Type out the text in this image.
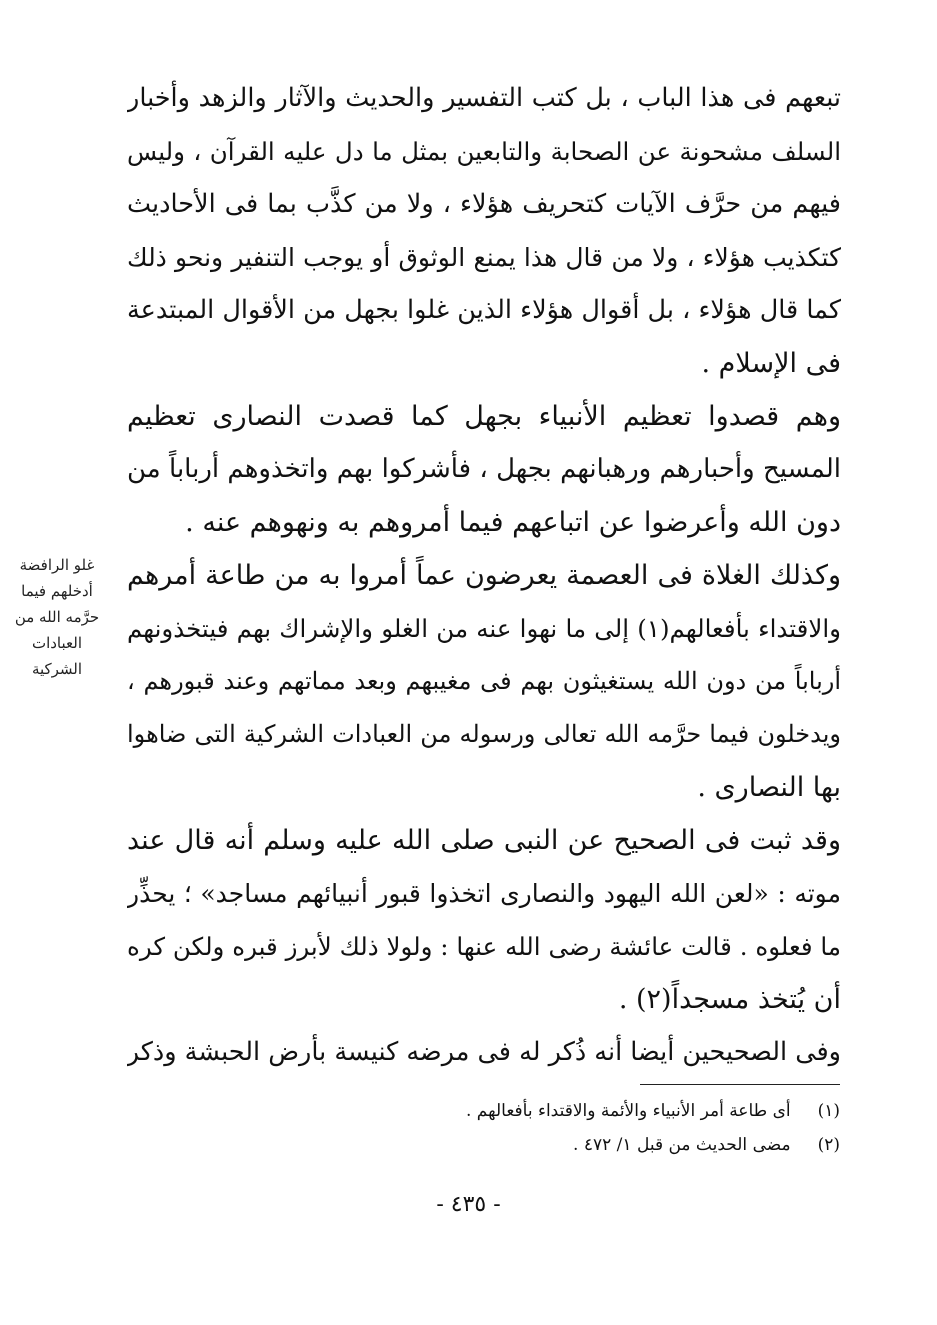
تبعهم فى هذا الباب ، بل كتب التفسير والحديث والآثار والزهد وأخبار
السلف مشحونة عن الصحابة والتابعين بمثل ما دل عليه القرآن ، وليس
فيهم من حرَّف الآيات كتحريف هؤلاء ، ولا من كذَّب بما فى الأحاديث
كتكذيب هؤلاء ، ولا من قال هذا يمنع الوثوق أو يوجب التنفير ونحو ذلك
كما قال هؤلاء ، بل أقوال هؤلاء الذين غلوا بجهل من الأقوال المبتدعة
فى الإسلام .
وهم قصدوا تعظيم الأنبياء بجهل كما قصدت النصارى تعظيم
المسيح وأحبارهم ورهبانهم بجهل ، فأشركوا بهم واتخذوهم أرباباً من
دون الله وأعرضوا عن اتباعهم فيما أمروهم به ونهوهم عنه .
وكذلك الغلاة فى العصمة يعرضون عماً أمروا به من طاعة أمرهم
والاقتداء بأفعالهم(١) إلى ما نهوا عنه من الغلو والإشراك بهم فيتخذونهم
أرباباً من دون الله يستغيثون بهم فى مغيبهم وبعد مماتهم وعند قبورهم ،
ويدخلون فيما حرَّمه الله تعالى ورسوله من العبادات الشركية التى ضاهوا
بها النصارى .
وقد ثبت فى الصحيح عن النبى صلى الله عليه وسلم أنه قال عند
موته : «لعن الله اليهود والنصارى اتخذوا قبور أنبيائهم مساجد» ؛ يحذِّر
ما فعلوه . قالت عائشة رضى الله عنها : ولولا ذلك لأبرز قبره ولكن كره
أن يُتخذ مسجداً(٢) .
وفى الصحيحين أيضا أنه ذُكر له فى مرضه كنيسة بأرض الحبشة وذكر
غلو الرافضة
أدخلهم فيما
حرَّمه الله من
العبادات
الشركية
(١) أى طاعة أمر الأنبياء والأئمة والاقتداء بأفعالهم .
(٢) مضى الحديث من قبل ١/ ٤٧٢ .
- ٤٣٥ -
